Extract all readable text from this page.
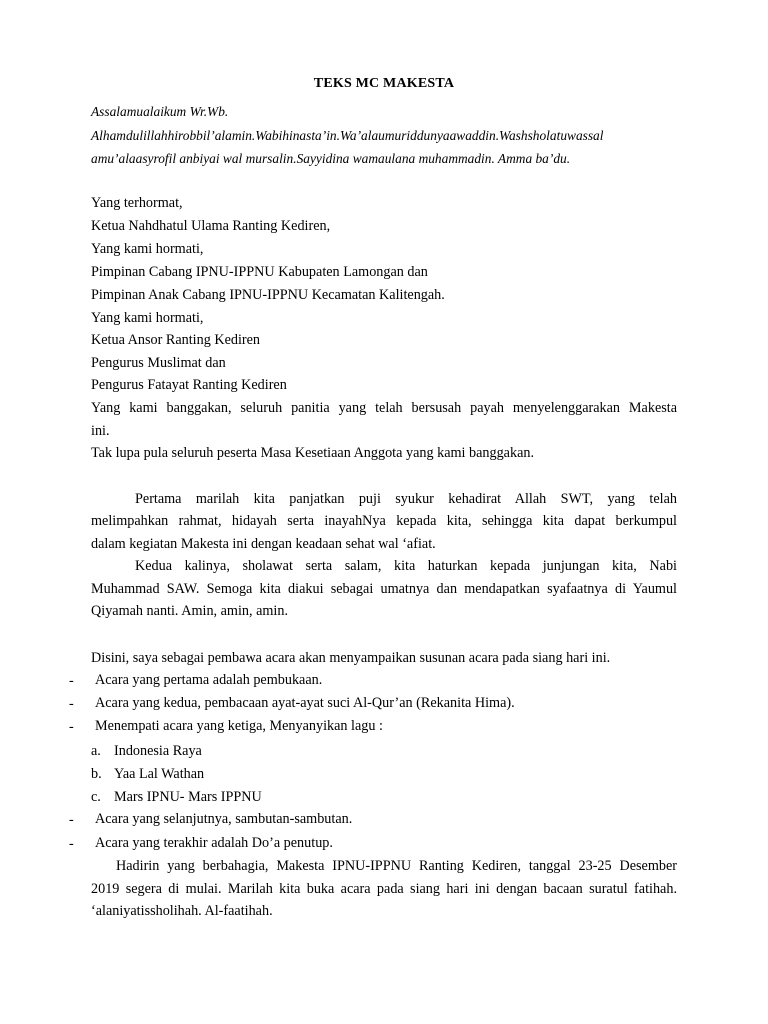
TEKS MC MAKESTA
Assalamualaikum Wr.Wb.
Alhamdulillahhirobbil’alamin.Wabihinasta’in.Wa’alaumuriddunyaawaddin.Washsholatuwassal
amu’alaasyrofil anbiyai wal mursalin.Sayyidina wamaulana muhammadin. Amma ba’du.
Yang terhormat,
Ketua Nahdhatul Ulama Ranting Kediren,
Yang kami hormati,
Pimpinan Cabang IPNU-IPPNU Kabupaten Lamongan dan
Pimpinan Anak Cabang IPNU-IPPNU Kecamatan Kalitengah.
Yang kami hormati,
Ketua Ansor Ranting Kediren
Pengurus Muslimat dan
Pengurus Fatayat Ranting Kediren
Yang kami banggakan, seluruh panitia yang telah bersusah payah menyelenggarakan Makesta
ini.
Tak lupa pula seluruh peserta Masa Kesetiaan Anggota yang kami banggakan.
Pertama marilah kita panjatkan puji syukur kehadirat Allah SWT, yang telah
melimpahkan rahmat, hidayah serta inayahNya kepada kita, sehingga kita dapat berkumpul
dalam kegiatan Makesta ini dengan keadaan sehat wal ‘afiat.
Kedua kalinya, sholawat serta salam, kita haturkan kepada junjungan kita, Nabi
Muhammad SAW. Semoga kita diakui sebagai umatnya dan mendapatkan syafaatnya di Yaumul
Qiyamah nanti. Amin, amin, amin.
Disini, saya sebagai pembawa acara akan menyampaikan susunan acara pada siang hari ini.
- Acara yang pertama adalah pembukaan.
- Acara yang kedua, pembacaan ayat-ayat suci Al-Qur’an (Rekanita Hima).
- Menempati acara yang ketiga, Menyanyikan lagu :
a. Indonesia Raya
b. Yaa Lal Wathan
c. Mars IPNU- Mars IPPNU
- Acara yang selanjutnya, sambutan-sambutan.
- Acara yang terakhir adalah Do’a penutup.
Hadirin yang berbahagia, Makesta IPNU-IPPNU Ranting Kediren, tanggal 23-25 Desember
2019 segera di mulai. Marilah kita buka acara pada siang hari ini dengan bacaan suratul fatihah.
‘alaniyatissholihah. Al-faatihah.
